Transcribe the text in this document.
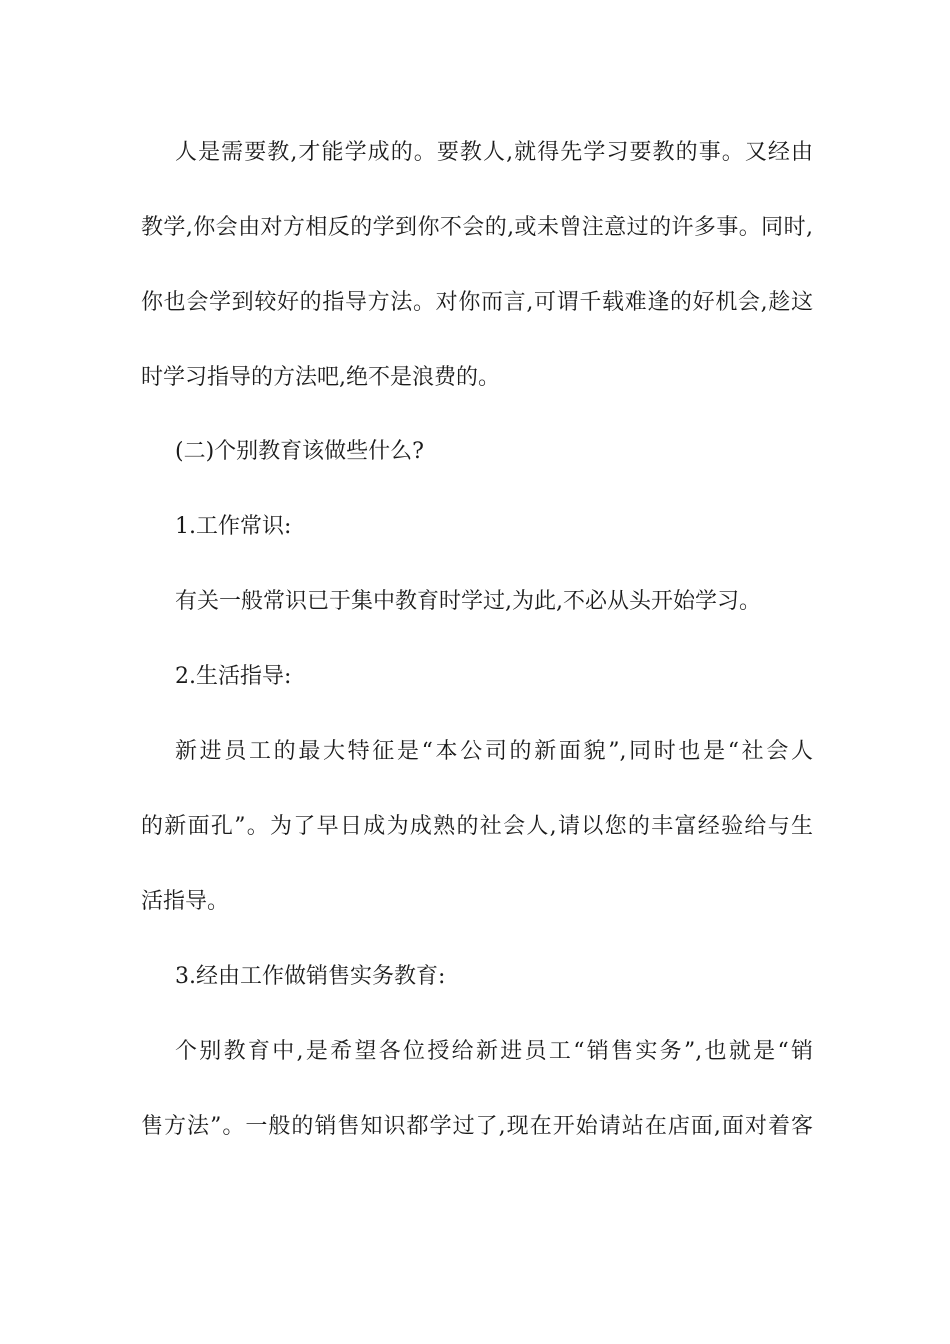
人是需要教,才能学成的。要教人,就得先学习要教的事。又经由
教学,你会由对方相反的学到你不会的,或未曾注意过的许多事。同时,
你也会学到较好的指导方法。对你而言,可谓千载难逢的好机会,趁这
时学习指导的方法吧,绝不是浪费的。
(二)个别教育该做些什么?
1.工作常识:
有关一般常识已于集中教育时学过,为此,不必从头开始学习。
2.生活指导:
新进员工的最大特征是“本公司的新面貌”,同时也是“社会人
的新面孔”。为了早日成为成熟的社会人,请以您的丰富经验给与生
活指导。
3.经由工作做销售实务教育:
个别教育中,是希望各位授给新进员工“销售实务”,也就是“销
售方法”。一般的销售知识都学过了,现在开始请站在店面,面对着客
